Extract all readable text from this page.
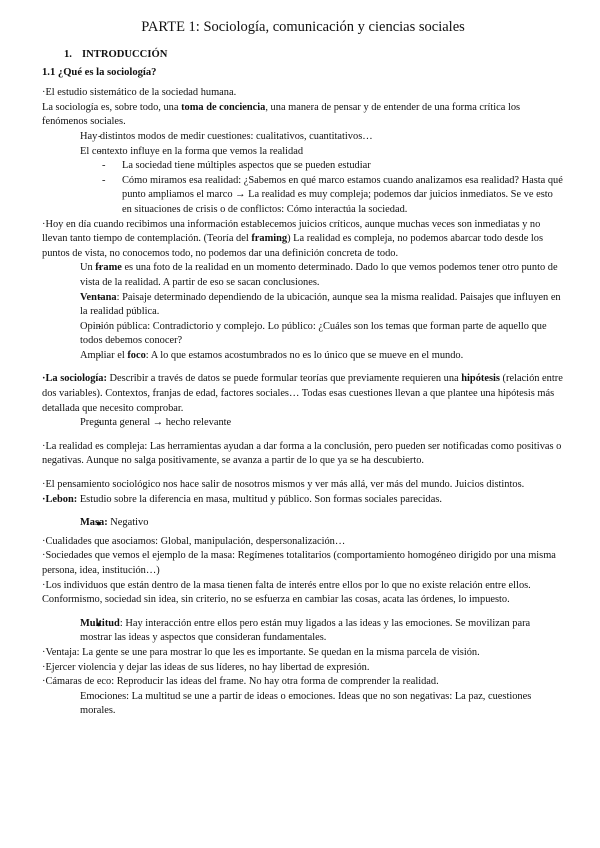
PARTE 1: Sociología, comunicación y ciencias sociales
1. INTRODUCCIÓN
1.1 ¿Qué es la sociología?

·El estudio sistemático de la sociedad humana.

La sociología es, sobre todo, una toma de conciencia, una manera de pensar y de entender de una forma crítica los fenómenos sociales.

- Hay distintos modos de medir cuestiones: cualitativos, cuantitativos…
- El contexto influye en la forma que vemos la realidad
- La sociedad tiene múltiples aspectos que se pueden estudiar
- Cómo miramos esa realidad: ¿Sabemos en qué marco estamos cuando analizamos esa realidad? Hasta qué punto ampliamos el marco → La realidad es muy compleja; podemos dar juicios inmediatos. Se ve esto en situaciones de crisis o de conflictos: Cómo interactúa la sociedad.

·Hoy en día cuando recibimos una información establecemos juicios críticos, aunque muchas veces son inmediatas y no llevan tanto tiempo de contemplación. (Teoría del framing) La realidad es compleja, no podemos abarcar todo desde los puntos de vista, no conocemos todo, no podemos dar una definición concreta de todo.

- Un frame es una foto de la realidad en un momento determinado. Dado lo que vemos podemos tener otro punto de vista de la realidad. A partir de eso se sacan conclusiones.
- Ventana: Paisaje determinado dependiendo de la ubicación, aunque sea la misma realidad. Paisajes que influyen en la realidad pública.
- Opinión pública: Contradictorio y complejo. Lo público: ¿Cuáles son los temas que forman parte de aquello que todos debemos conocer?
- Ampliar el foco: A lo que estamos acostumbrados no es lo único que se mueve en el mundo.

·La sociología: Describir a través de datos se puede formular teorías que previamente requieren una hipótesis (relación entre dos variables). Contextos, franjas de edad, factores sociales… Todas esas cuestiones llevan a que plantee una hipótesis más detallada que necesito comprobar.

- Pregunta general → hecho relevante

·La realidad es compleja: Las herramientas ayudan a dar forma a la conclusión, pero pueden ser notificadas como positivas o negativas. Aunque no salga positivamente, se avanza a partir de lo que ya se ha descubierto.

·El pensamiento sociológico nos hace salir de nosotros mismos y ver más allá, ver más del mundo. Juicios distintos.

·Lebon: Estudio sobre la diferencia en masa, multitud y público. Son formas sociales parecidas.

● Masa: Negativo

·Cualidades que asociamos: Global, manipulación, despersonalización…

·Sociedades que vemos el ejemplo de la masa: Regímenes totalitarios (comportamiento homogéneo dirigido por una misma persona, idea, institución…)

·Los individuos que están dentro de la masa tienen falta de interés entre ellos por lo que no existe relación entre ellos. Conformismo, sociedad sin idea, sin criterio, no se esfuerza en cambiar las cosas, acata las órdenes, lo impuesto.

● Multitud: Hay interacción entre ellos pero están muy ligados a las ideas y las emociones. Se movilizan para mostrar las ideas y aspectos que consideran fundamentales.

·Ventaja: La gente se une para mostrar lo que les es importante. Se quedan en la misma parcela de visión.

·Ejercer violencia y dejar las ideas de sus líderes, no hay libertad de expresión.

·Cámaras de eco: Reproducir las ideas del frame. No hay otra forma de comprender la realidad.

- Emociones: La multitud se une a partir de ideas o emociones. Ideas que no son negativas: La paz, cuestiones morales.
